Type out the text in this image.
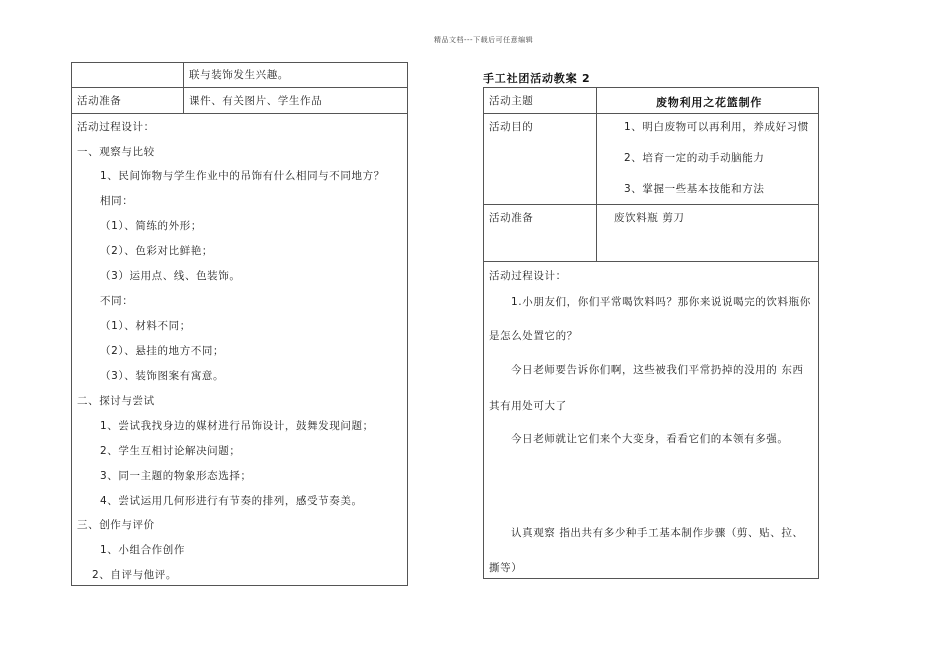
精品文档---下载后可任意编辑
联与装饰发生兴趣。
活动准备	课件、有关图片、学生作品
活动过程设计：
一、观察与比较
1、民间饰物与学生作业中的吊饰有什么相同与不同地方？
相同：
（1）、简练的外形；
（2）、色彩对比鲜艳；
（3）运用点、线、色装饰。
不同：
（1）、材料不同；
（2）、悬挂的地方不同；
（3）、装饰图案有寓意。
二、探讨与尝试
1、尝试我找身边的媒材进行吊饰设计，鼓舞发现问题；
2、学生互相讨论解决问题；
3、同一主题的物象形态选择；
4、尝试运用几何形进行有节奏的排列，感受节奏美。
三、创作与评价
1、小组合作创作
2、自评与他评。
手工社团活动教案 2
活动主题	废物利用之花篮制作
活动目的	1、明白废物可以再利用，养成好习惯
2、培育一定的动手动脑能力
3、掌握一些基本技能和方法
活动准备	废饮料瓶 剪刀
活动过程设计：
1.小朋友们，你们平常喝饮料吗？那你来说说喝完的饮料瓶你
是怎么处置它的？
今日老师要告诉你们啊，这些被我们平常扔掉的没用的 东西
其有用处可大了
今日老师就让它们来个大变身，看看它们的本领有多强。
认真观察 指出共有多少种手工基本制作步骤（剪、贴、拉、
撕等）
